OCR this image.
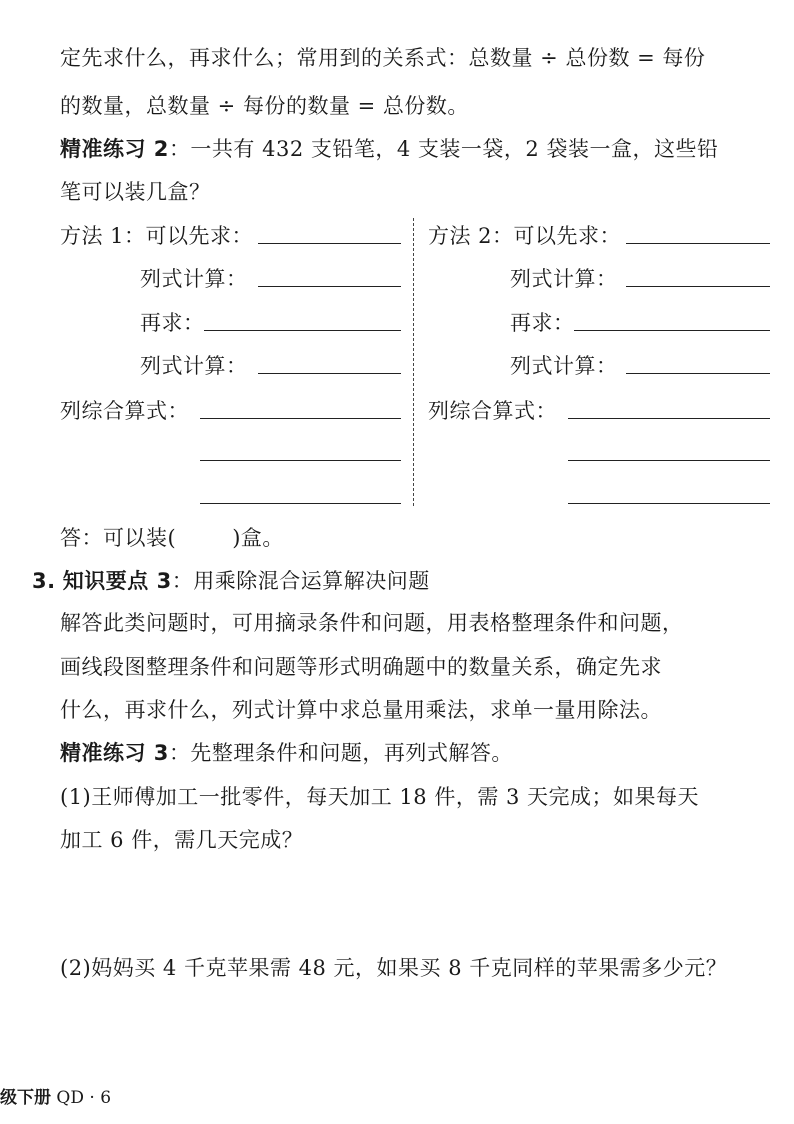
定先求什么，再求什么；常用到的关系式：总数量 ÷ 总份数 = 每份
的数量，总数量 ÷ 每份的数量 = 总份数。
精准练习 2：一共有 432 支铅笔，4 支装一袋，2 袋装一盒，这些铅
笔可以装几盒？
方法 1：可以先求：
列式计算：
再求：
列式计算：
列综合算式：
方法 2：可以先求：
列式计算：
再求：
列式计算：
列综合算式：
答：可以装(	)盒。
3. 知识要点 3：用乘除混合运算解决问题
解答此类问题时，可用摘录条件和问题，用表格整理条件和问题，
画线段图整理条件和问题等形式明确题中的数量关系，确定先求
什么，再求什么，列式计算中求总量用乘法，求单一量用除法。
精准练习 3：先整理条件和问题，再列式解答。
(1)王师傅加工一批零件，每天加工 18 件，需 3 天完成；如果每天
加工 6 件，需几天完成？
(2)妈妈买 4 千克苹果需 48 元，如果买 8 千克同样的苹果需多少元？
级下册 QD · 6
